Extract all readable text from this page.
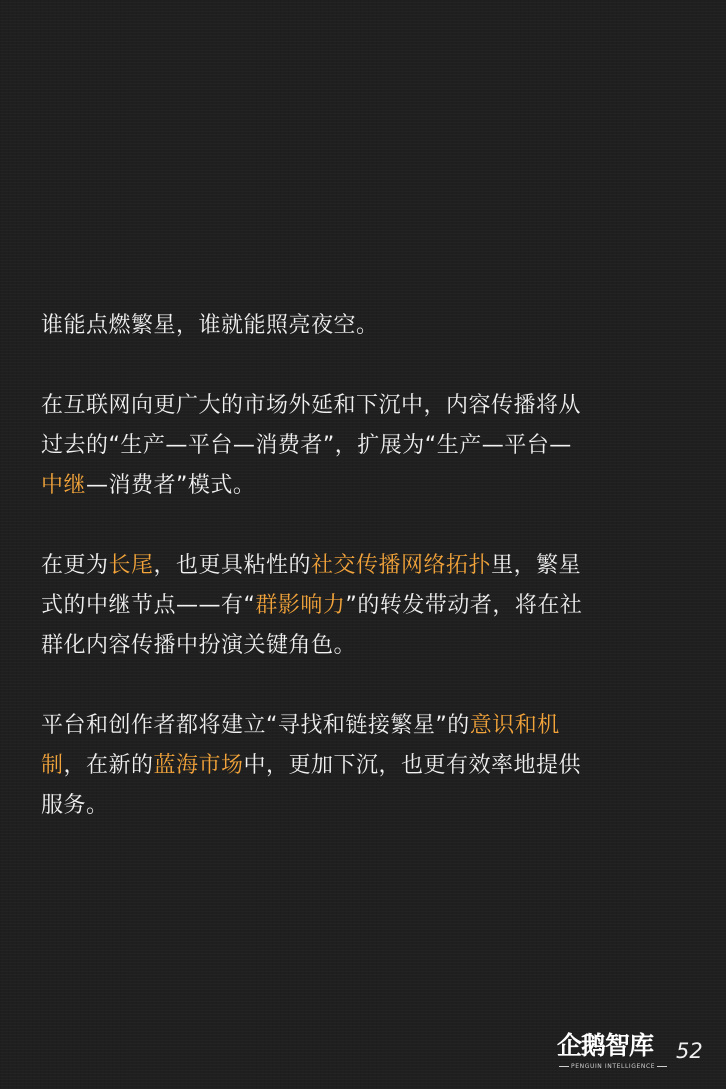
谁能点燃繁星，谁就能照亮夜空。
在互联网向更广大的市场外延和下沉中，内容传播将从
过去的“生产—平台—消费者”，扩展为“生产—平台—
中继—消费者”模式。
在更为长尾，也更具粘性的社交传播网络拓扑里，繁星
式的中继节点——有“群影响力”的转发带动者，将在社
群化内容传播中扮演关键角色。
平台和创作者都将建立“寻找和链接繁星”的意识和机
制，在新的蓝海市场中，更加下沉，也更有效率地提供
服务。
企鹅智库
PENGUIN INTELLIGENCE
52
